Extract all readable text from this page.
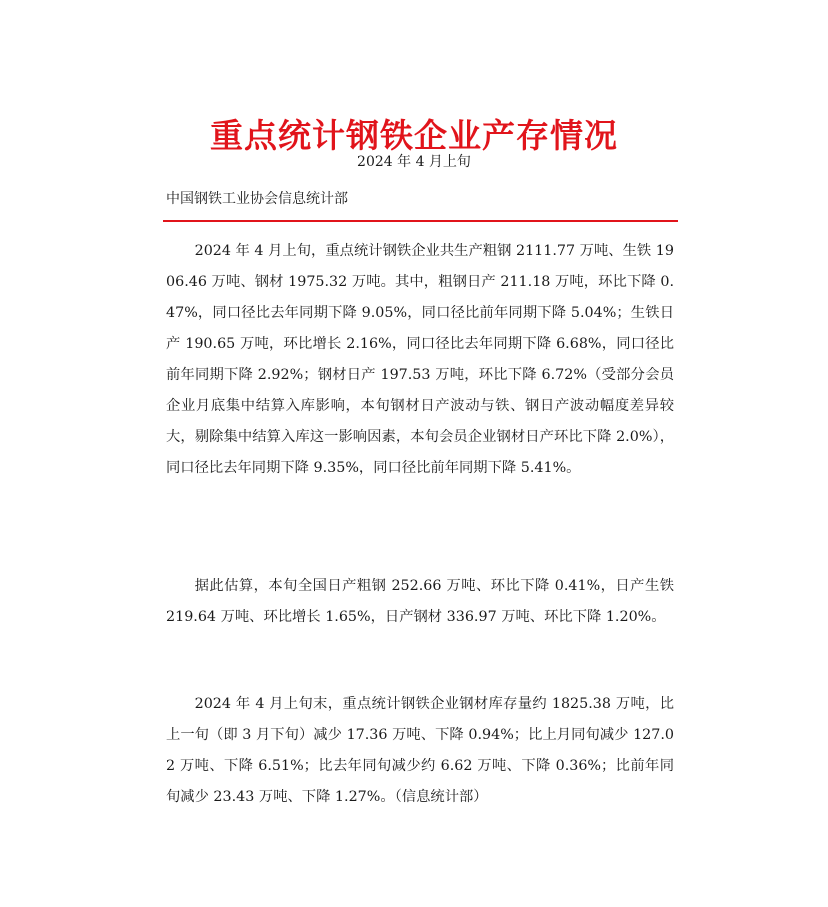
重点统计钢铁企业产存情况
2024 年 4 月上旬
中国钢铁工业协会信息统计部

2024 年 4 月上旬，重点统计钢铁企业共生产粗钢 2111.77 万吨、生铁 1906.46 万吨、钢材 1975.32 万吨。其中，粗钢日产 211.18 万吨，环比下降 0.47%，同口径比去年同期下降 9.05%，同口径比前年同期下降 5.04%；生铁日产 190.65 万吨，环比增长 2.16%，同口径比去年同期下降 6.68%，同口径比前年同期下降 2.92%；钢材日产 197.53 万吨，环比下降 6.72%（受部分会员企业月底集中结算入库影响，本旬钢材日产波动与铁、钢日产波动幅度差异较大，剔除集中结算入库这一影响因素，本旬会员企业钢材日产环比下降 2.0%），同口径比去年同期下降 9.35%，同口径比前年同期下降 5.41%。

据此估算，本旬全国日产粗钢 252.66 万吨、环比下降 0.41%，日产生铁 219.64 万吨、环比增长 1.65%，日产钢材 336.97 万吨、环比下降 1.20%。

2024 年 4 月上旬末，重点统计钢铁企业钢材库存量约 1825.38 万吨，比上一旬（即 3 月下旬）减少 17.36 万吨、下降 0.94%；比上月同旬减少 127.02 万吨、下降 6.51%；比去年同旬减少约 6.62 万吨、下降 0.36%；比前年同旬减少 23.43 万吨、下降 1.27%。（信息统计部）
